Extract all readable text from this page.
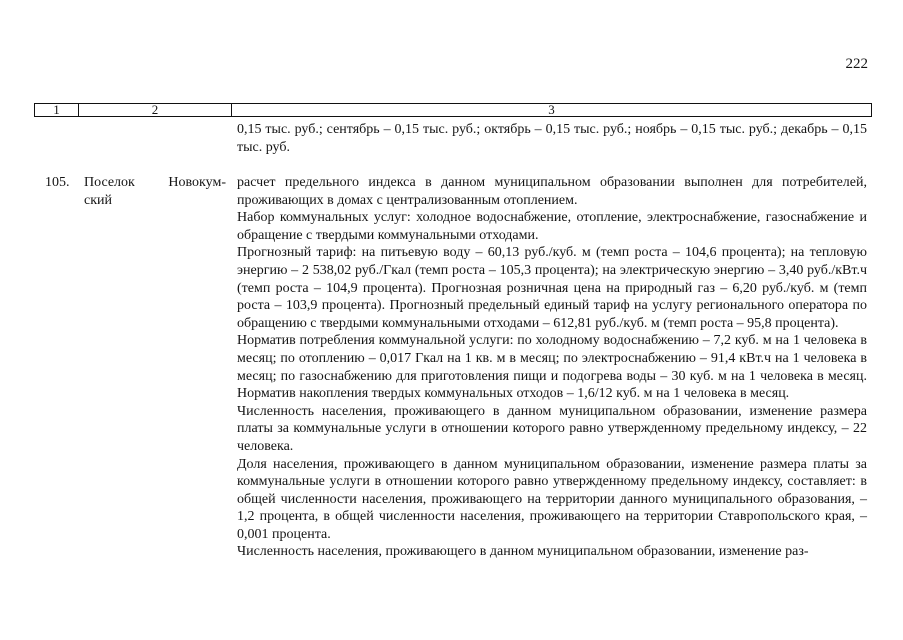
222
1	2	3

0,15 тыс. руб.; сентябрь – 0,15 тыс. руб.; октябрь – 0,15 тыс. руб.; ноябрь – 0,15 тыс. руб.; декабрь – 0,15 тыс. руб.

105. Поселок Новокум-
ский

расчет предельного индекса в данном муниципальном образовании выполнен для потребителей, проживающих в домах с централизованным отоплением.

Набор коммунальных услуг: холодное водоснабжение, отопление, электроснабжение, газоснабжение и обращение с твердыми коммунальными отходами.

Прогнозный тариф: на питьевую воду – 60,13 руб./куб. м (темп роста – 104,6 процента); на тепловую энергию – 2 538,02 руб./Гкал (темп роста – 105,3 процента); на электрическую энергию – 3,40 руб./кВт.ч (темп роста – 104,9 процента). Прогнозная розничная цена на природный газ – 6,20 руб./куб. м (темп роста – 103,9 процента). Прогнозный предельный единый тариф на услугу регионального оператора по обращению с твердыми коммунальными отходами – 612,81 руб./куб. м (темп роста – 95,8 процента).

Норматив потребления коммунальной услуги: по холодному водоснабжению – 7,2 куб. м на 1 человека в месяц; по отоплению – 0,017 Гкал на 1 кв. м в месяц; по электроснабжению – 91,4 кВт.ч на 1 человека в месяц; по газоснабжению для приготовления пищи и подогрева воды – 30 куб. м на 1 человека в месяц. Норматив накопления твердых коммунальных отходов – 1,6/12 куб. м на 1 человека в месяц.

Численность населения, проживающего в данном муниципальном образовании, изменение размера платы за коммунальные услуги в отношении которого равно утвержденному предельному индексу, – 22 человека.

Доля населения, проживающего в данном муниципальном образовании, изменение размера платы за коммунальные услуги в отношении которого равно утвержденному предельному индексу, составляет: в общей численности населения, проживающего на территории данного муниципального образования, – 1,2 процента, в общей численности населения, проживающего на территории Ставропольского края, – 0,001 процента.

Численность населения, проживающего в данном муниципальном образовании, изменение раз-
